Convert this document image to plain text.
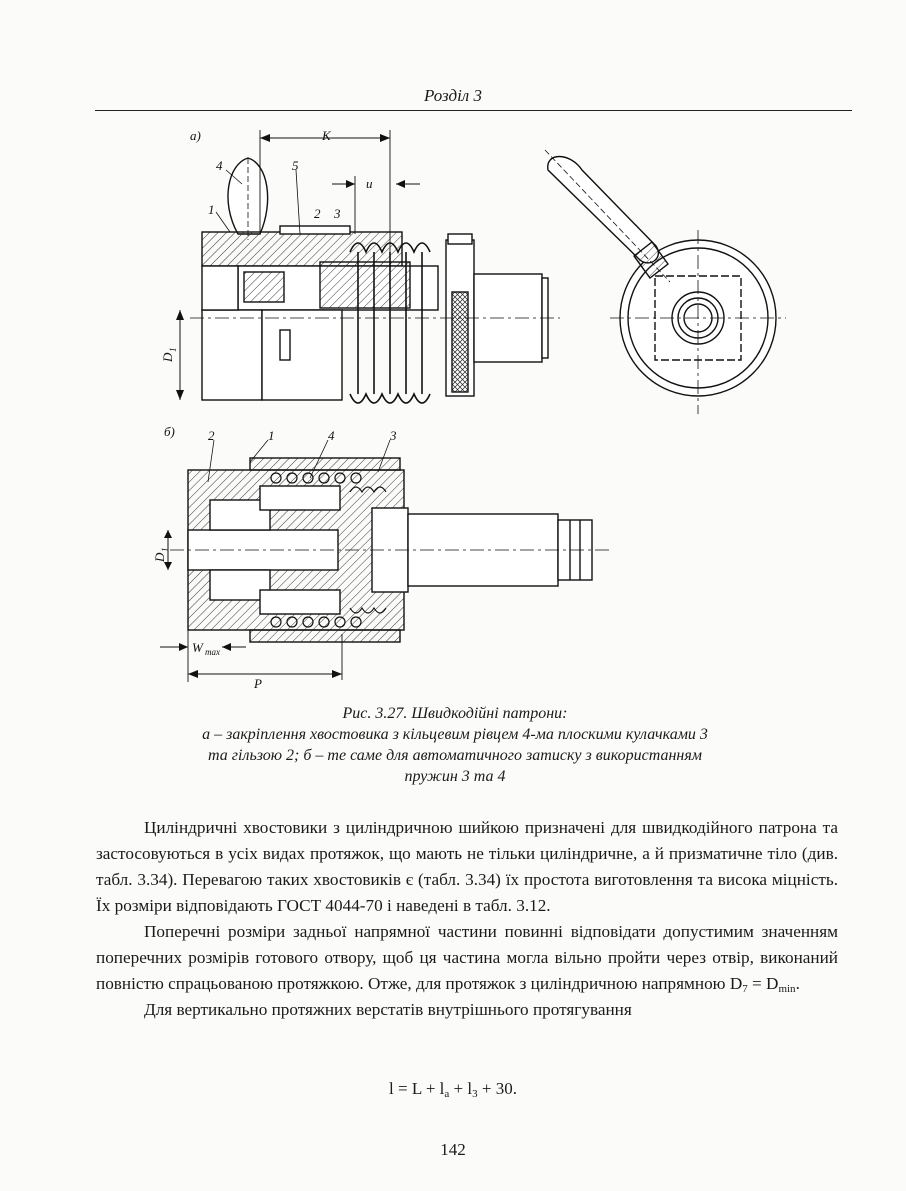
Розділ 3
а)	K
u
4	5
1	2 3
D
1
б)	2	1	4	3
D
1
W max
P
Рис. 3.27. Швидкодійні патрони:
а – закріплення хвостовика з кільцевим рівцем 4-ма плоскими кулачками 3
та гільзою 2; б – те саме для автоматичного затиску з використанням
пружин 3 та 4

Циліндричні хвостовики з циліндричною шийкою призначені для швидкодійного патрона та застосовуються в усіх видах протяжок, що мають не тільки циліндричне, а й призматичне тіло (див. табл. 3.34). Перевагою таких хвостовиків є (табл. 3.34) їх простота виготовлення та висока міцність. Їх розміри відповідають ГОСТ 4044-70 і наведені в табл. 3.12.

Поперечні розміри задньої напрямної частини повинні відповідати допустимим значенням поперечних розмірів готового отвору, щоб ця частина могла вільно пройти через отвір, виконаний повністю спрацьованою протяжкою. Отже, для протяжок з циліндричною напрямною $D_7 = D_{min}$.

Для вертикально протяжних верстатів внутрішнього протягування

$l = L + l_a + l_3 + 30$.
142
